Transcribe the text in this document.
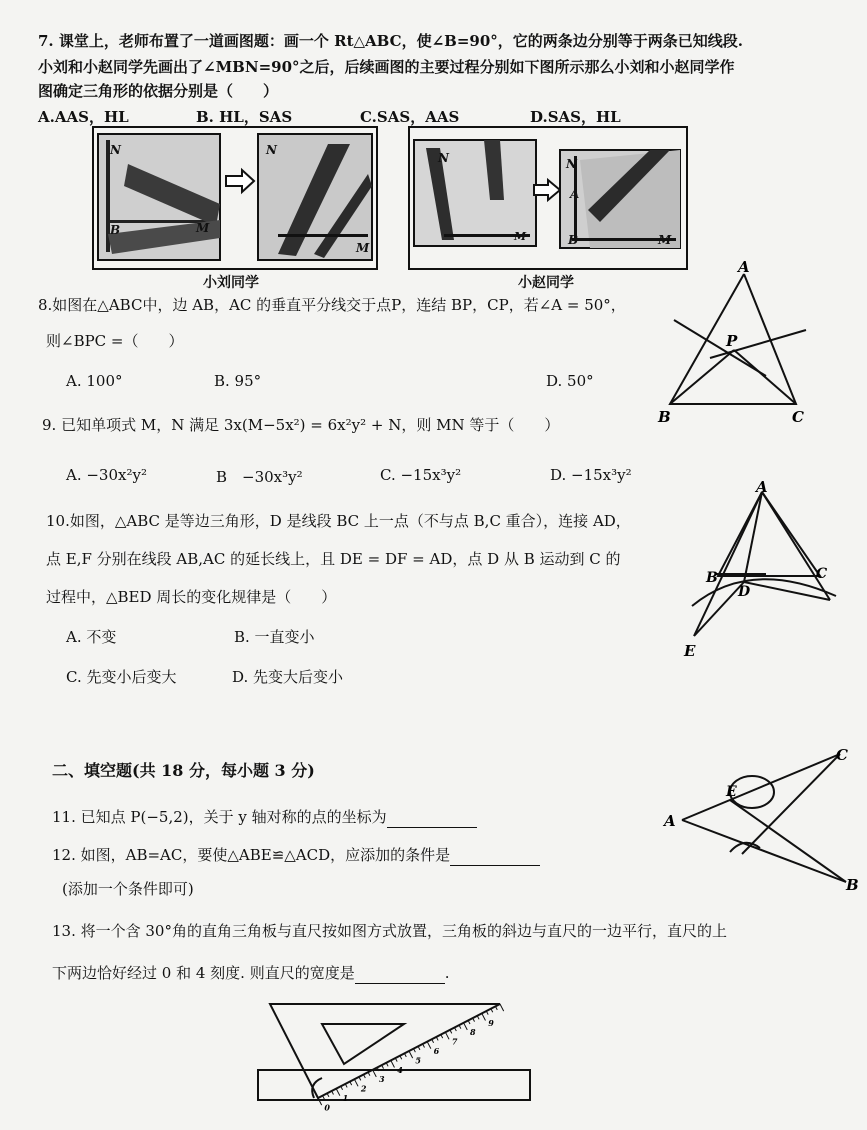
7. 课堂上，老师布置了一道画图题：画一个 Rt△ABC，使∠B=90°，它的两条边分别等于两条已知线段.
小刘和小赵同学先画出了∠MBN=90°之后，后续画图的主要过程分别如下图所示那么小刘和小赵同学作
图确定三角形的依据分别是（　　）
A.AAS，HL	B. HL，SAS	C.SAS，AAS	D.SAS，HL
N
B	M
N
M
小刘同学
N
M
N
A
B	M
小赵同学
8.如图在△ABC中，边 AB，AC 的垂直平分线交于点P，连结 BP，CP，若∠A = 50°，
则∠BPC =（　　）
A. 100°	B. 95°	D. 50°
A
P
B	C
9. 已知单项式 M，N 满足 3x(M−5x²) = 6x²y² + N，则 MN 等于（　　）
A. −30x²y²	B　−30x³y²	C. −15x³y²	D. −15x³y²
10.如图，△ABC 是等边三角形，D 是线段 BC 上一点（不与点 B,C 重合），连接 AD，
点 E,F 分别在线段 AB,AC 的延长线上，且 DE = DF = AD，点 D 从 B 运动到 C 的
过程中，△BED 周长的变化规律是（　　）
A. 不变	B. 一直变小
C. 先变小后变大	D. 先变大后变小
A
B	C
D
E
二、填空题(共 18 分，每小题 3 分)
11. 已知点 P(−5,2)，关于 y 轴对称的点的坐标为
12. 如图，AB=AC，要使△ABE≌△ACD，应添加的条件是
(添加一个条件即可)
A
B
C
E
13. 将一个含 30°角的直角三角板与直尺按如图方式放置，三角板的斜边与直尺的一边平行，直尺的上
下两边恰好经过 0 和 4 刻度. 则直尺的宽度是	.
0
1
2
3
4
5
6
7
8
9
